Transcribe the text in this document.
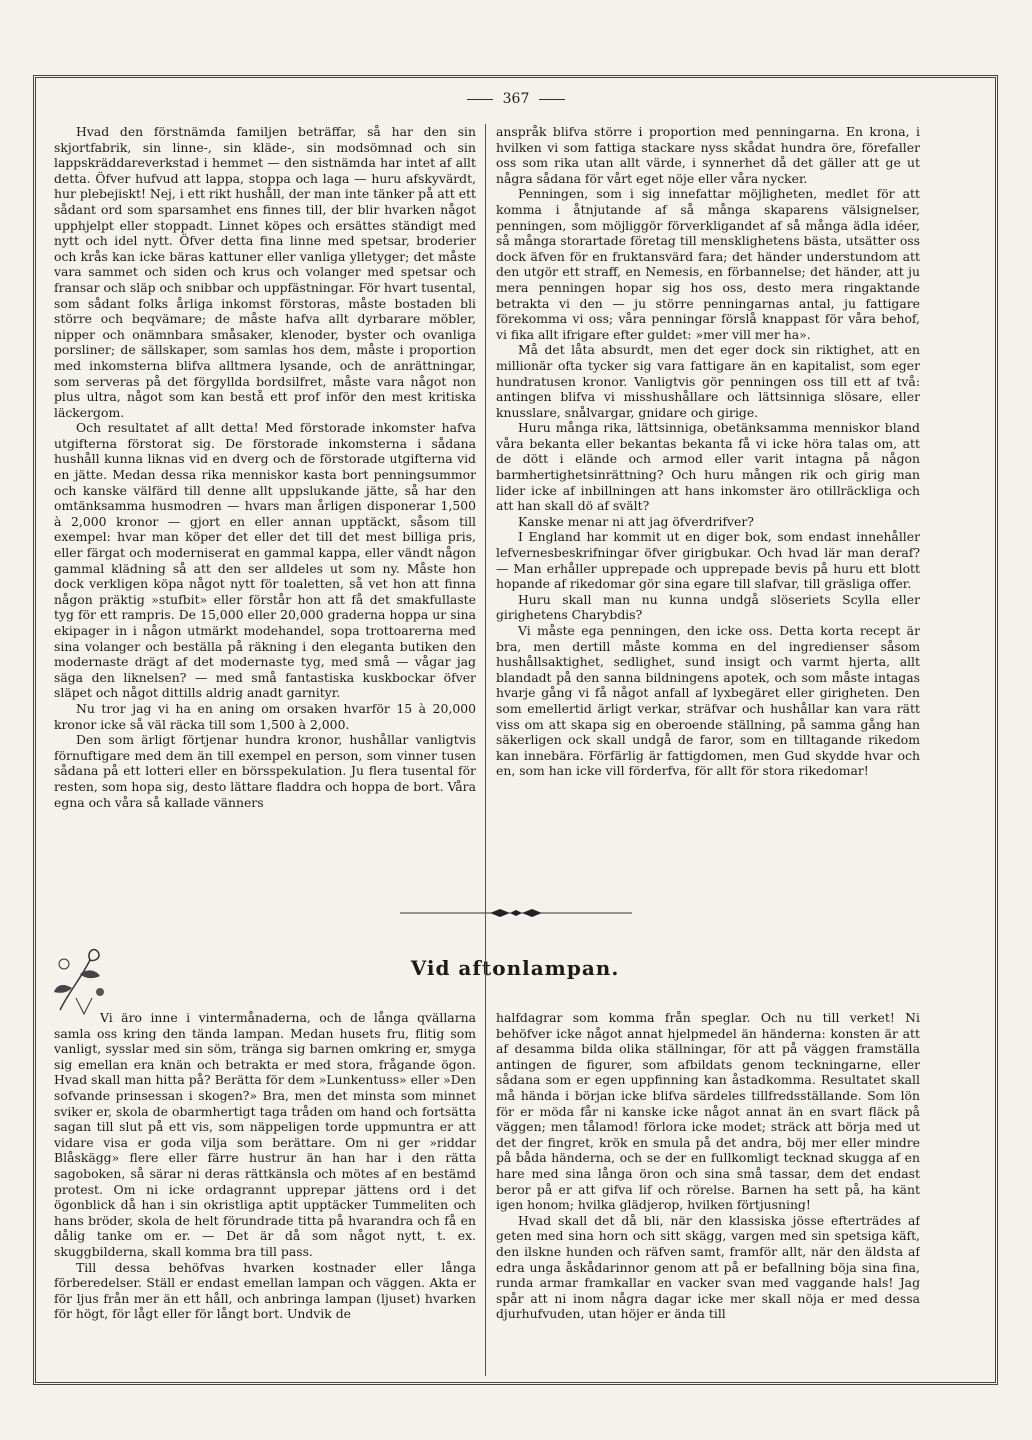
367

Hvad den förstnämda familjen beträffar, så har den sin skjortfabrik, sin linne-, sin kläde-, sin modsömnad och sin lappskräddareverkstad i hemmet — den sistnämda har intet af allt detta. Öfver hufvud att lappa, stoppa och laga — huru afskyvärdt, hur plebejiskt! Nej, i ett rikt hushåll, der man inte tänker på att ett sådant ord som sparsamhet ens finnes till, der blir hvarken något upphjelpt eller stoppadt. Linnet köpes och ersättes ständigt med nytt och idel nytt. Öfver detta fina linne med spetsar, broderier och krås kan icke bäras kattuner eller vanliga ylletyger; det måste vara sammet och siden och krus och volanger med spetsar och fransar och släp och snibbar och uppfästningar. För hvart tusental, som sådant folks årliga inkomst förstoras, måste bostaden bli större och beqvämare; de måste hafva allt dyrbarare möbler, nipper och onämnbara småsaker, klenoder, byster och ovanliga porsliner; de sällskaper, som samlas hos dem, måste i proportion med inkomsterna blifva alltmera lysande, och de anrättningar, som serveras på det förgyllda bordsilfret, måste vara något non plus ultra, något som kan bestå ett prof inför den mest kritiska läckergom.

Och resultatet af allt detta! Med förstorade inkomster hafva utgifterna förstorat sig. De förstorade inkomsterna i sådana hushåll kunna liknas vid en dverg och de förstorade utgifterna vid en jätte. Medan dessa rika menniskor kasta bort penningsummor och kanske välfärd till denne allt uppslukande jätte, så har den omtänksamma husmodren — hvars man årligen disponerar 1,500 à 2,000 kronor — gjort en eller annan upptäckt, såsom till exempel: hvar man köper det eller det till det mest billiga pris, eller färgat och moderniserat en gammal kappa, eller vändt någon gammal klädning så att den ser alldeles ut som ny. Måste hon dock verkligen köpa något nytt för toaletten, så vet hon att finna någon präktig »stufbit» eller förstår hon att få det smakfullaste tyg för ett rampris. De 15,000 eller 20,000 graderna hoppa ur sina ekipager in i någon utmärkt modehandel, sopa trottoarerna med sina volanger och beställa på räkning i den eleganta butiken den modernaste drägt af det modernaste tyg, med små — vågar jag säga den liknelsen? — med små fantastiska kuskbockar öfver släpet och något dittills aldrig anadt garnityr.

Nu tror jag vi ha en aning om orsaken hvarför 15 à 20,000 kronor icke så väl räcka till som 1,500 à 2,000.

Den som ärligt förtjenar hundra kronor, hushållar vanligtvis förnuftigare med dem än till exempel en person, som vinner tusen sådana på ett lotteri eller en börsspekulation. Ju flera tusental för resten, som hopa sig, desto lättare fladdra och hoppa de bort. Våra egna och våra så kallade vänners

anspråk blifva större i proportion med penningarna. En krona, i hvilken vi som fattiga stackare nyss skådat hundra öre, förefaller oss som rika utan allt värde, i synnerhet då det gäller att ge ut några sådana för vårt eget nöje eller våra nycker.

Penningen, som i sig innefattar möjligheten, medlet för att komma i åtnjutande af så många skaparens välsignelser, penningen, som möjliggör förverkligandet af så många ädla idéer, så många storartade företag till mensklighetens bästa, utsätter oss dock äfven för en fruktansvärd fara; det händer understundom att den utgör ett straff, en Nemesis, en förbannelse; det händer, att ju mera penningen hopar sig hos oss, desto mera ringaktande betrakta vi den — ju större penningarnas antal, ju fattigare förekomma vi oss; våra penningar förslå knappast för våra behof, vi fika allt ifrigare efter guldet: »mer vill mer ha».

Må det låta absurdt, men det eger dock sin riktighet, att en millionär ofta tycker sig vara fattigare än en kapitalist, som eger hundratusen kronor. Vanligtvis gör penningen oss till ett af två: antingen blifva vi misshushållare och lättsinniga slösare, eller knusslare, snålvargar, gnidare och girige.

Huru många rika, lättsinniga, obetänksamma menniskor bland våra bekanta eller bekantas bekanta få vi icke höra talas om, att de dött i elände och armod eller varit intagna på någon barmhertighetsinrättning? Och huru mången rik och girig man lider icke af inbillningen att hans inkomster äro otillräckliga och att han skall dö af svält?

Kanske menar ni att jag öfverdrifver?

I England har kommit ut en diger bok, som endast innehåller lefvernesbeskrifningar öfver girigbukar. Och hvad lär man deraf? — Man erhåller upprepade och upprepade bevis på huru ett blott hopande af rikedomar gör sina egare till slafvar, till gräsliga offer.

Huru skall man nu kunna undgå slöseriets Scylla eller girighetens Charybdis?

Vi måste ega penningen, den icke oss. Detta korta recept är bra, men dertill måste komma en del ingredienser såsom hushållsaktighet, sedlighet, sund insigt och varmt hjerta, allt blandadt på den sanna bildningens apotek, och som måste intagas hvarje gång vi få något anfall af lyxbegäret eller girigheten. Den som emellertid ärligt verkar, sträfvar och hushållar kan vara rätt viss om att skapa sig en oberoende ställning, på samma gång han säkerligen ock skall undgå de faror, som en tilltagande rikedom kan innebära. Förfärlig är fattigdomen, men Gud skydde hvar och en, som han icke vill förderfva, för allt för stora rikedomar!

Vid aftonlampan.

Vi äro inne i vintermånaderna, och de långa qvällarna samla oss kring den tända lampan. Medan husets fru, flitig som vanligt, sysslar med sin söm, tränga sig barnen omkring er, smyga sig emellan era knän och betrakta er med stora, frågande ögon. Hvad skall man hitta på? Berätta för dem »Lunkentuss» eller »Den sofvande prinsessan i skogen?» Bra, men det minsta som minnet sviker er, skola de obarmhertigt taga tråden om hand och fortsätta sagan till slut på ett vis, som näppeligen torde uppmuntra er att vidare visa er goda vilja som berättare. Om ni ger »riddar Blåskägg» flere eller färre hustrur än han har i den rätta sagoboken, så särar ni deras rättkänsla och mötes af en bestämd protest. Om ni icke ordagrannt upprepar jättens ord i det ögonblick då han i sin okristliga aptit upptäcker Tummeliten och hans bröder, skola de helt förundrade titta på hvarandra och få en dålig tanke om er. — Det är då som något nytt, t. ex. skuggbilderna, skall komma bra till pass.

Till dessa behöfvas hvarken kostnader eller långa förberedelser. Ställ er endast emellan lampan och väggen. Akta er för ljus från mer än ett håll, och anbringa lampan (ljuset) hvarken för högt, för lågt eller för långt bort. Undvik de

halfdagrar som komma från speglar. Och nu till verket! Ni behöfver icke något annat hjelpmedel än händerna: konsten är att af desamma bilda olika ställningar, för att på väggen framställa antingen de figurer, som afbildats genom teckningarne, eller sådana som er egen uppfinning kan åstadkomma. Resultatet skall må hända i början icke blifva särdeles tillfredsställande. Som lön för er möda får ni kanske icke något annat än en svart fläck på väggen; men tålamod! förlora icke modet; sträck att börja med ut det der fingret, krök en smula på det andra, böj mer eller mindre på båda händerna, och se der en fullkomligt tecknad skugga af en hare med sina långa öron och sina små tassar, dem det endast beror på er att gifva lif och rörelse. Barnen ha sett på, ha känt igen honom; hvilka glädjerop, hvilken förtjusning!

Hvad skall det då bli, när den klassiska jösse efterträdes af geten med sina horn och sitt skägg, vargen med sin spetsiga käft, den ilskne hunden och räfven samt, framför allt, när den äldsta af edra unga åskådarinnor genom att på er befallning böja sina fina, runda armar framkallar en vacker svan med vaggande hals! Jag spår att ni inom några dagar icke mer skall nöja er med dessa djurhufvuden, utan höjer er ända till
